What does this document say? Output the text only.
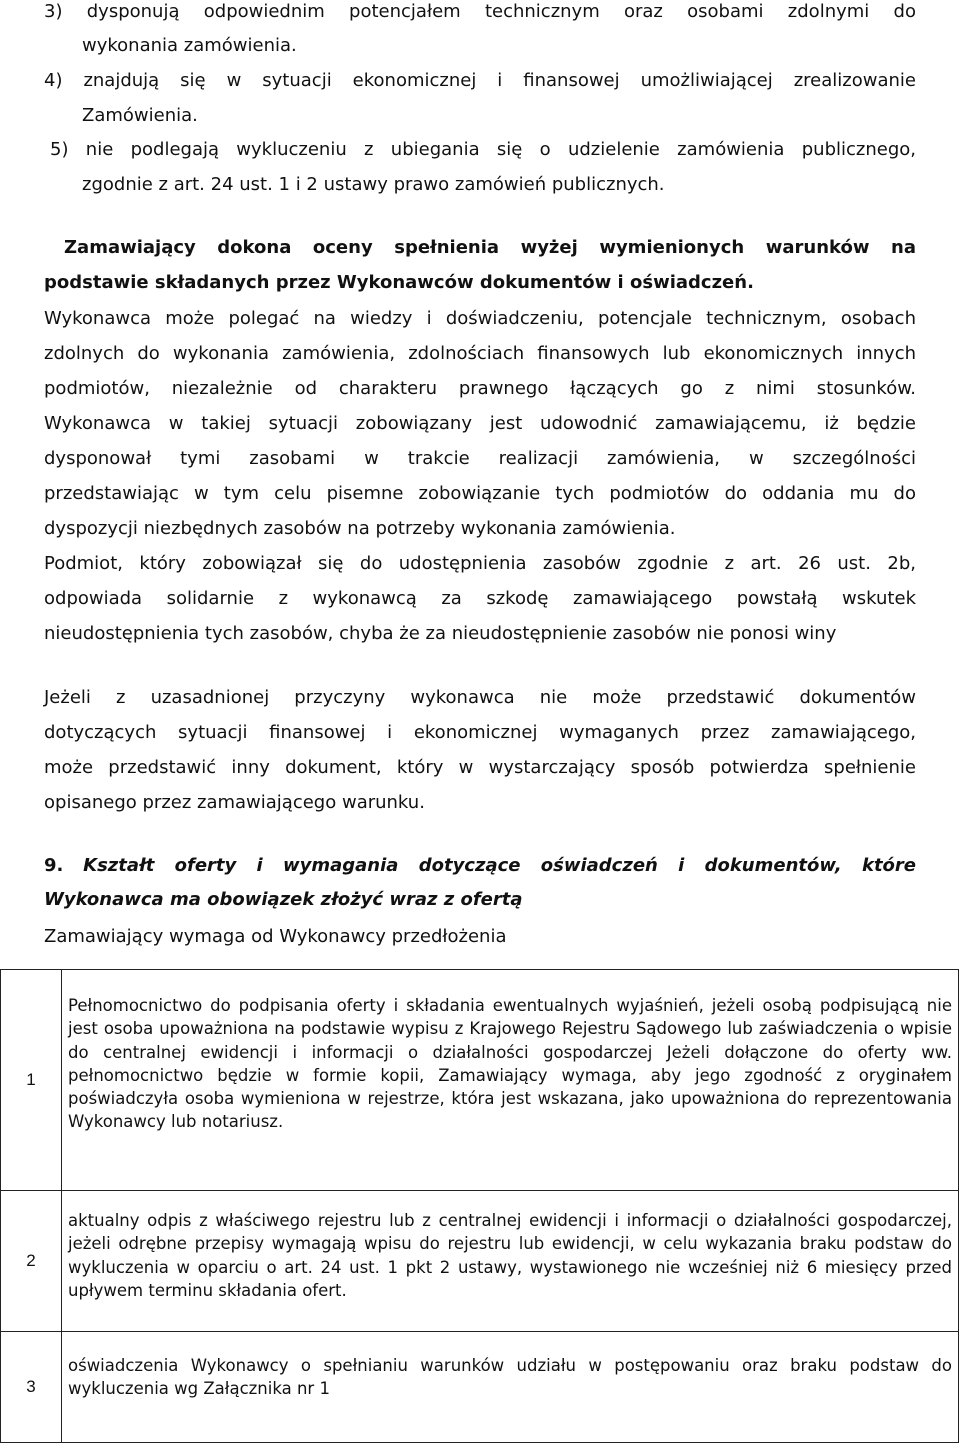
3) dysponują odpowiednim potencjałem technicznym oraz osobami zdolnymi do
wykonania zamówienia.
4) znajdują się w sytuacji ekonomicznej i finansowej umożliwiającej zrealizowanie
Zamówienia.
5) nie podlegają wykluczeniu z ubiegania się o udzielenie zamówienia publicznego,
zgodnie z art. 24 ust. 1 i 2 ustawy prawo zamówień publicznych.
Zamawiający dokona oceny spełnienia wyżej wymienionych warunków na
podstawie składanych przez Wykonawców dokumentów i oświadczeń.
Wykonawca może polegać na wiedzy i doświadczeniu, potencjale technicznym, osobach
zdolnych do wykonania zamówienia, zdolnościach finansowych lub ekonomicznych innych
podmiotów, niezależnie od charakteru prawnego łączących go z nimi stosunków.
Wykonawca w takiej sytuacji zobowiązany jest udowodnić zamawiającemu, iż będzie
dysponował tymi zasobami w trakcie realizacji zamówienia, w szczególności
przedstawiając w tym celu pisemne zobowiązanie tych podmiotów do oddania mu do
dyspozycji niezbędnych zasobów na potrzeby wykonania zamówienia.
Podmiot, który zobowiązał się do udostępnienia zasobów zgodnie z art. 26 ust. 2b,
odpowiada solidarnie z wykonawcą za szkodę zamawiającego powstałą wskutek
nieudostępnienia tych zasobów, chyba że za nieudostępnienie zasobów nie ponosi winy
Jeżeli z uzasadnionej przyczyny wykonawca nie może przedstawić dokumentów
dotyczących sytuacji finansowej i ekonomicznej wymaganych przez zamawiającego,
może przedstawić inny dokument, który w wystarczający sposób potwierdza spełnienie
opisanego przez zamawiającego warunku.
9. Kształt oferty i wymagania dotyczące oświadczeń i dokumentów, które
Wykonawca ma obowiązek złożyć wraz z ofertą
Zamawiający wymaga od Wykonawcy przedłożenia
1	Pełnomocnictwo do podpisania oferty i składania ewentualnych wyjaśnień, jeżeli osobą podpisującą nie jest osoba upoważniona na podstawie wypisu z Krajowego Rejestru Sądowego lub zaświadczenia o wpisie do centralnej ewidencji i informacji o działalności gospodarczej Jeżeli dołączone do oferty ww. pełnomocnictwo będzie w formie kopii, Zamawiający wymaga, aby jego zgodność z oryginałem poświadczyła osoba wymieniona w rejestrze, która jest wskazana, jako upoważniona do reprezentowania Wykonawcy lub notariusz.

2	aktualny odpis z właściwego rejestru lub z centralnej ewidencji i informacji o działalności gospodarczej, jeżeli odrębne przepisy wymagają wpisu do rejestru lub ewidencji, w celu wykazania braku podstaw do wykluczenia w oparciu o art. 24 ust. 1 pkt 2 ustawy, wystawionego nie wcześniej niż 6 miesięcy przed upływem terminu składania ofert.

3	oświadczenia Wykonawcy o spełnianiu warunków udziału w postępowaniu oraz braku podstaw do wykluczenia wg Załącznika nr 1
